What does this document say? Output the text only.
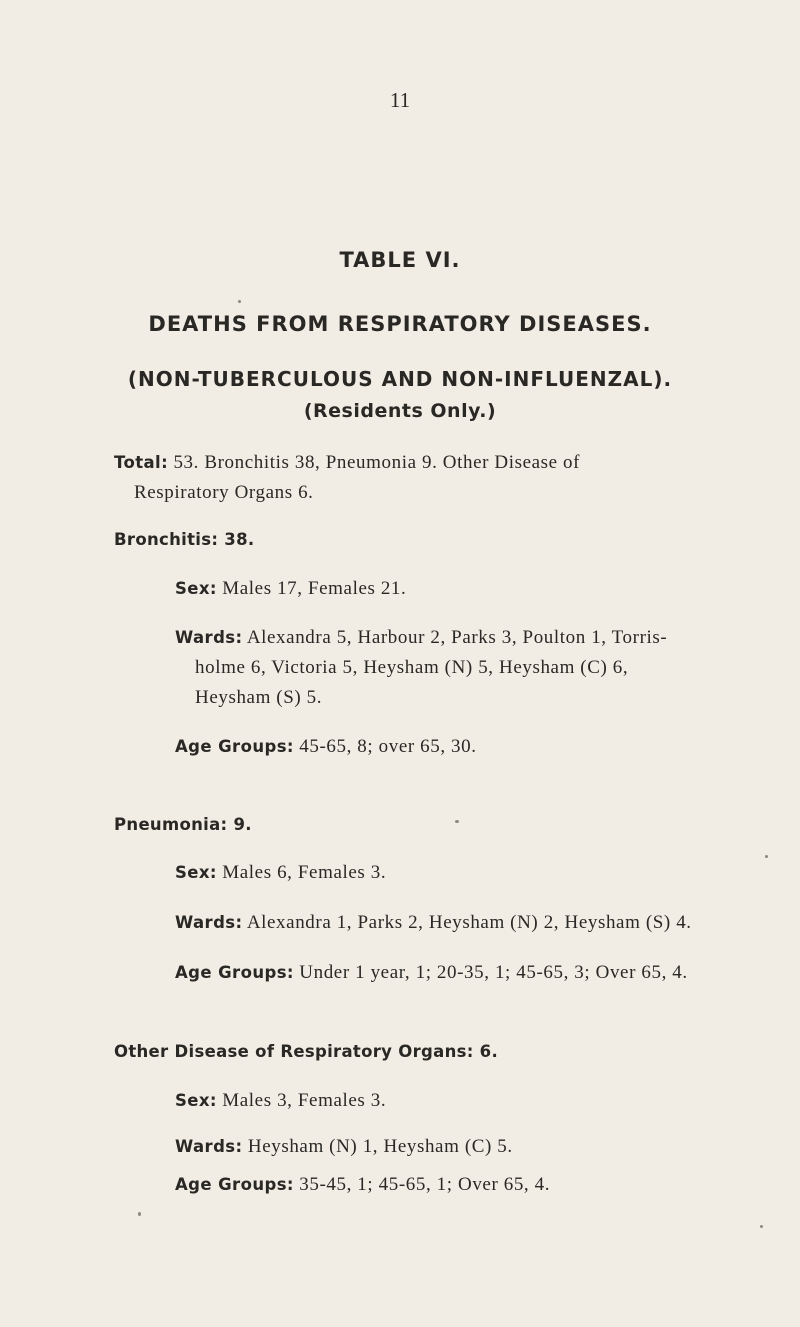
11
TABLE VI.
DEATHS FROM RESPIRATORY DISEASES.
(NON-TUBERCULOUS AND NON-INFLUENZAL).
(Residents Only.)
Total: 53. Bronchitis 38, Pneumonia 9. Other Disease of
Respiratory Organs 6.
Bronchitis: 38.
Sex: Males 17, Females 21.
Wards: Alexandra 5, Harbour 2, Parks 3, Poulton 1, Torris-
holme 6, Victoria 5, Heysham (N) 5, Heysham (C) 6,
Heysham (S) 5.
Age Groups: 45-65, 8; over 65, 30.
Pneumonia: 9.
Sex: Males 6, Females 3.
Wards: Alexandra 1, Parks 2, Heysham (N) 2, Heysham (S) 4.
Age Groups: Under 1 year, 1; 20-35, 1; 45-65, 3; Over 65, 4.
Other Disease of Respiratory Organs: 6.
Sex: Males 3, Females 3.
Wards: Heysham (N) 1, Heysham (C) 5.
Age Groups: 35-45, 1; 45-65, 1; Over 65, 4.
